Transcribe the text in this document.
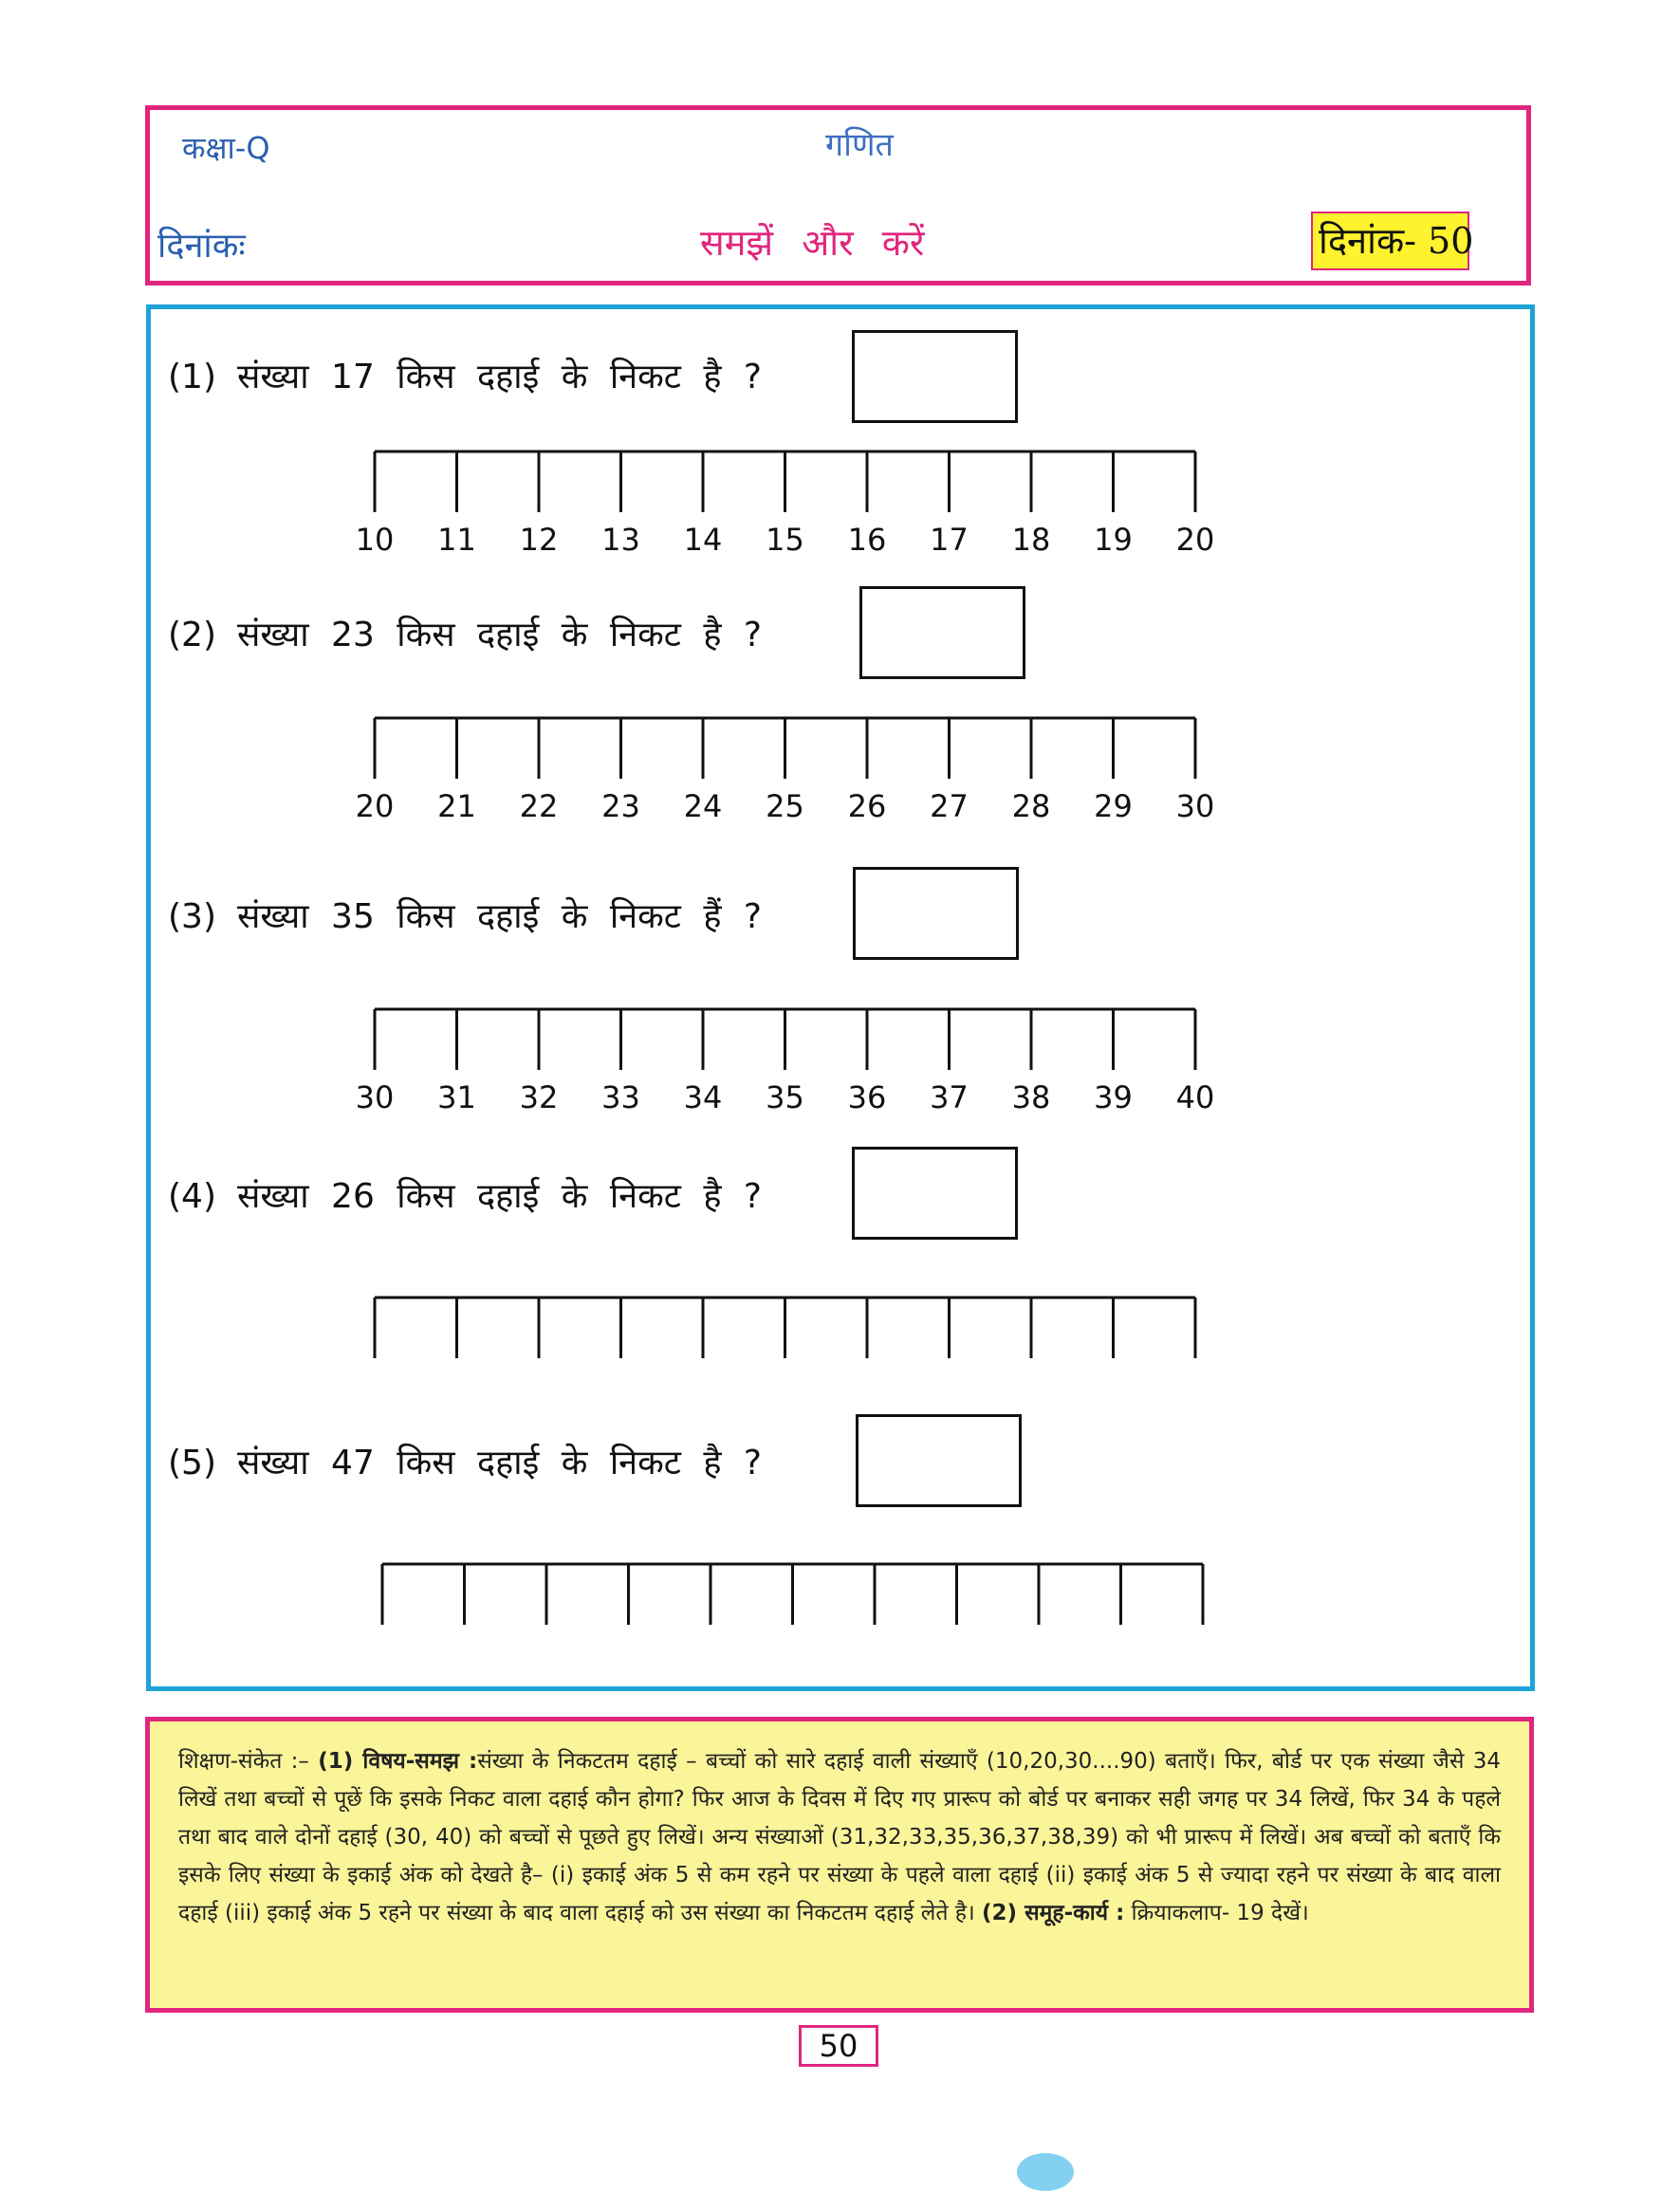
कक्षा-Q	गणित
दिनांकः	समझें और करें	दिनांक- 50
(1) संख्या 17 किस दहाई के निकट है ?
10 11 12 13 14 15 16 17 18 19 20
(2) संख्या 23 किस दहाई के निकट है ?
20 21 22 23 24 25 26 27 28 29 30
(3) संख्या 35 किस दहाई के निकट हैं ?
30 31 32 33 34 35 36 37 38 39 40
(4) संख्या 26 किस दहाई के निकट है ?
(5) संख्या 47 किस दहाई के निकट है ?
शिक्षण-संकेत :– (1) विषय-समझ :संख्या के निकटतम दहाई – बच्चों को सारे दहाई वाली संख्याएँ (10,20,30....90) बताएँ। फिर, बोर्ड पर एक संख्या जैसे 34 लिखें तथा बच्चों से पूछें कि इसके निकट वाला दहाई कौन होगा? फिर आज के दिवस में दिए गए प्रारूप को बोर्ड पर बनाकर सही जगह पर 34 लिखें, फिर 34 के पहले तथा बाद वाले दोनों दहाई (30, 40) को बच्चों से पूछते हुए लिखें। अन्य संख्याओं (31,32,33,35,36,37,38,39) को भी प्रारूप में लिखें। अब बच्चों को बताएँ कि इसके लिए संख्या के इकाई अंक को देखते है– (i) इकाई अंक 5 से कम रहने पर संख्या के पहले वाला दहाई (ii) इकाई अंक 5 से ज्यादा रहने पर संख्या के बाद वाला दहाई (iii) इकाई अंक 5 रहने पर संख्या के बाद वाला दहाई को उस संख्या का निकटतम दहाई लेते है। (2) समूह-कार्य : क्रियाकलाप- 19 देखें।
50
